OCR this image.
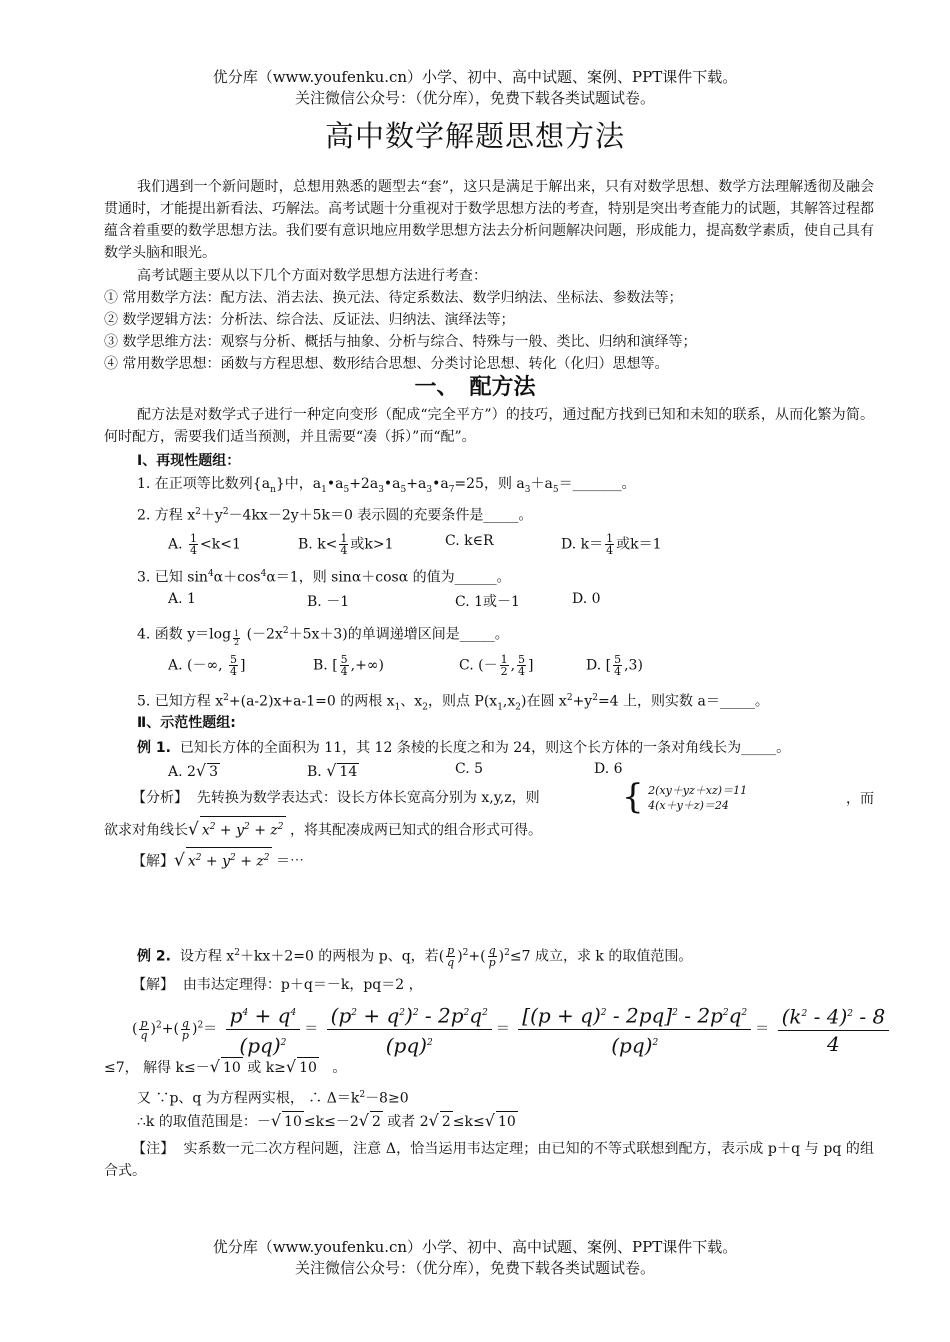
优分库（www.youfenku.cn）小学、初中、高中试题、案例、PPT课件下载。
关注微信公众号：（优分库），免费下载各类试题试卷。
高中数学解题思想方法
我们遇到一个新问题时，总想用熟悉的题型去“套”，这只是满足于解出来，只有对数学思想、数学方法理解透彻及融会贯通时，才能提出新看法、巧解法。高考试题十分重视对于数学思想方法的考查，特别是突出考查能力的试题，其解答过程都蕴含着重要的数学思想方法。我们要有意识地应用数学思想方法去分析问题解决问题，形成能力，提高数学素质，使自己具有数学头脑和眼光。
高考试题主要从以下几个方面对数学思想方法进行考查：
① 常用数学方法：配方法、消去法、换元法、待定系数法、数学归纳法、坐标法、参数法等；
② 数学逻辑方法：分析法、综合法、反证法、归纳法、演绎法等；
③ 数学思维方法：观察与分析、概括与抽象、分析与综合、特殊与一般、类比、归纳和演绎等；
④ 常用数学思想：函数与方程思想、数形结合思想、分类讨论思想、转化（化归）思想等。
一、　配方法
配方法是对数学式子进行一种定向变形（配成“完全平方”）的技巧，通过配方找到已知和未知的联系，从而化繁为简。何时配方，需要我们适当预测，并且需要“凑（拆）”而“配”。
Ⅰ、再现性题组：
1. 在正项等比数列$\{a_n\}$中，$a_1•a_5+2a_3•a_5+a_3•a_7=25$，则 $a_3+a_5=\_\_\_\_\_\_\_$。
2. 方程 $x^2+y^2-4kx-2y+5k=0$ 表示圆的充要条件是_____。
A. $\frac{1}{4} <k<1$	B. $k< \frac{1}{4}$ 或k>1	C. k∈R	D. $k= \frac{1}{4}$ 或k＝1
3. 已知 $\sin^4\alpha+\cos^4\alpha=1$，则 sinα＋cosα 的值为______。
A. 1	B. －1	C. 1或－1	D. 0
4. 函数 $y=\log \frac{1}{2} (-2x^2+5x+3)$的单调递增区间是_____。
A. (－∞, $\frac{5}{4}$ ]	B. [ $\frac{5}{4}$ ,+∞)	C. (－ $\frac{1}{2}$ , $\frac{5}{4}$ ]	D. [ $\frac{5}{4} ,3$)
5. 已知方程 $x^2+(a-2)x+a-1=0$ 的两根 $x_1$、$x_2$，则点 $P(x_1,x_2)$在圆 $x^2+y^2=4$ 上，则实数 a＝_____。
Ⅱ、示范性题组:
例 1. 已知长方体的全面积为 11，其 12 条棱的长度之和为 24，则这个长方体的一条对角线长为_____。
A. 2√ 3	B. √ 14	C. 5	D. 6
【分析】 先转换为数学表达式：设长方体长宽高分别为 x,y,z，则	{ 2(xy＋yz＋xz)＝11
4(x＋y＋z)＝24	，而
欲求对角线长√ $x^2 + y^2 + z^2$ ，将其配凑成两已知式的组合形式可得。
【解】√ $x^2 + y^2 + z^2$ ＝⋯
例 2. 设方程 $x^2+kx+2=0$ 的两根为 p、q，若( $\frac{p}{q} )^2+( \frac{q}{p} )^2\le 7$ 成立，求 k 的取值范围。
【解】 由韦达定理得：p＋q＝－k，pq＝2 ，
( $\frac{p}{q} )^2+( \frac{q}{p} )^2= \frac{p^4 + q^4}{(pq)^2} = \frac{(p^2 + q^2)^2 - 2p^2q^2}{(pq)^2} = \frac{[(p + q)^2 - 2pq]^2 - 2p^2q^2}{(pq)^2} = \frac{(k^2 - 4)^2 - 8}{4}$
≤7， 解得 k≤－√ 10 或 k≥√ 10 。
又 ∵p、q 为方程两实根， ∴ $\Delta=k^2-8\ge 0$
∴k 的取值范围是：－√ 10 ≤k≤－2√ 2 或者 2√ 2 ≤k≤√ 10
【注】 实系数一元二次方程问题，注意 Δ，恰当运用韦达定理；由已知的不等式联想到配方，表示成 p＋q 与 pq 的组合式。
优分库（www.youfenku.cn）小学、初中、高中试题、案例、PPT课件下载。
关注微信公众号：（优分库），免费下载各类试题试卷。
